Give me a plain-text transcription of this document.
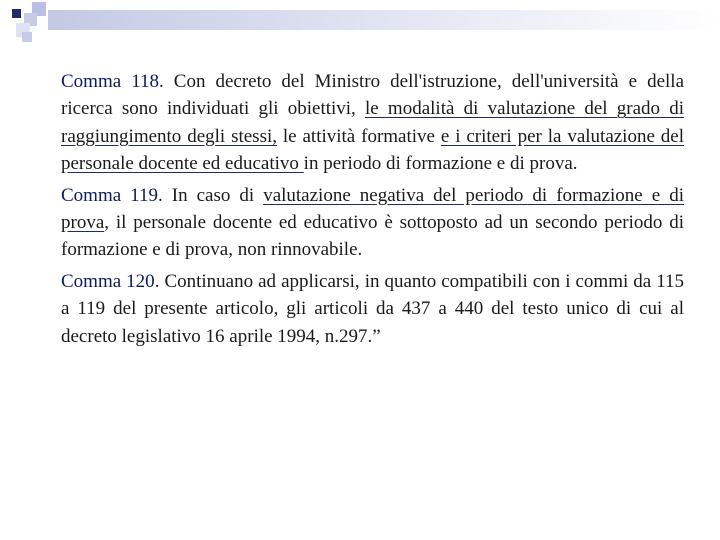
Comma 118. Con decreto del Ministro dell'istruzione, dell'università e della ricerca sono individuati gli obiettivi, le modalità di valutazione del grado di raggiungimento degli stessi, le attività formative e i criteri per la valutazione del personale docente ed educativo in periodo di formazione e di prova.

Comma 119. In caso di valutazione negativa del periodo di formazione e di prova, il personale docente ed educativo è sottoposto ad un secondo periodo di formazione e di prova, non rinnovabile.

Comma 120. Continuano ad applicarsi, in quanto compatibili con i commi da 115 a 119 del presente articolo, gli articoli da 437 a 440 del testo unico di cui al decreto legislativo 16 aprile 1994, n.297.”
